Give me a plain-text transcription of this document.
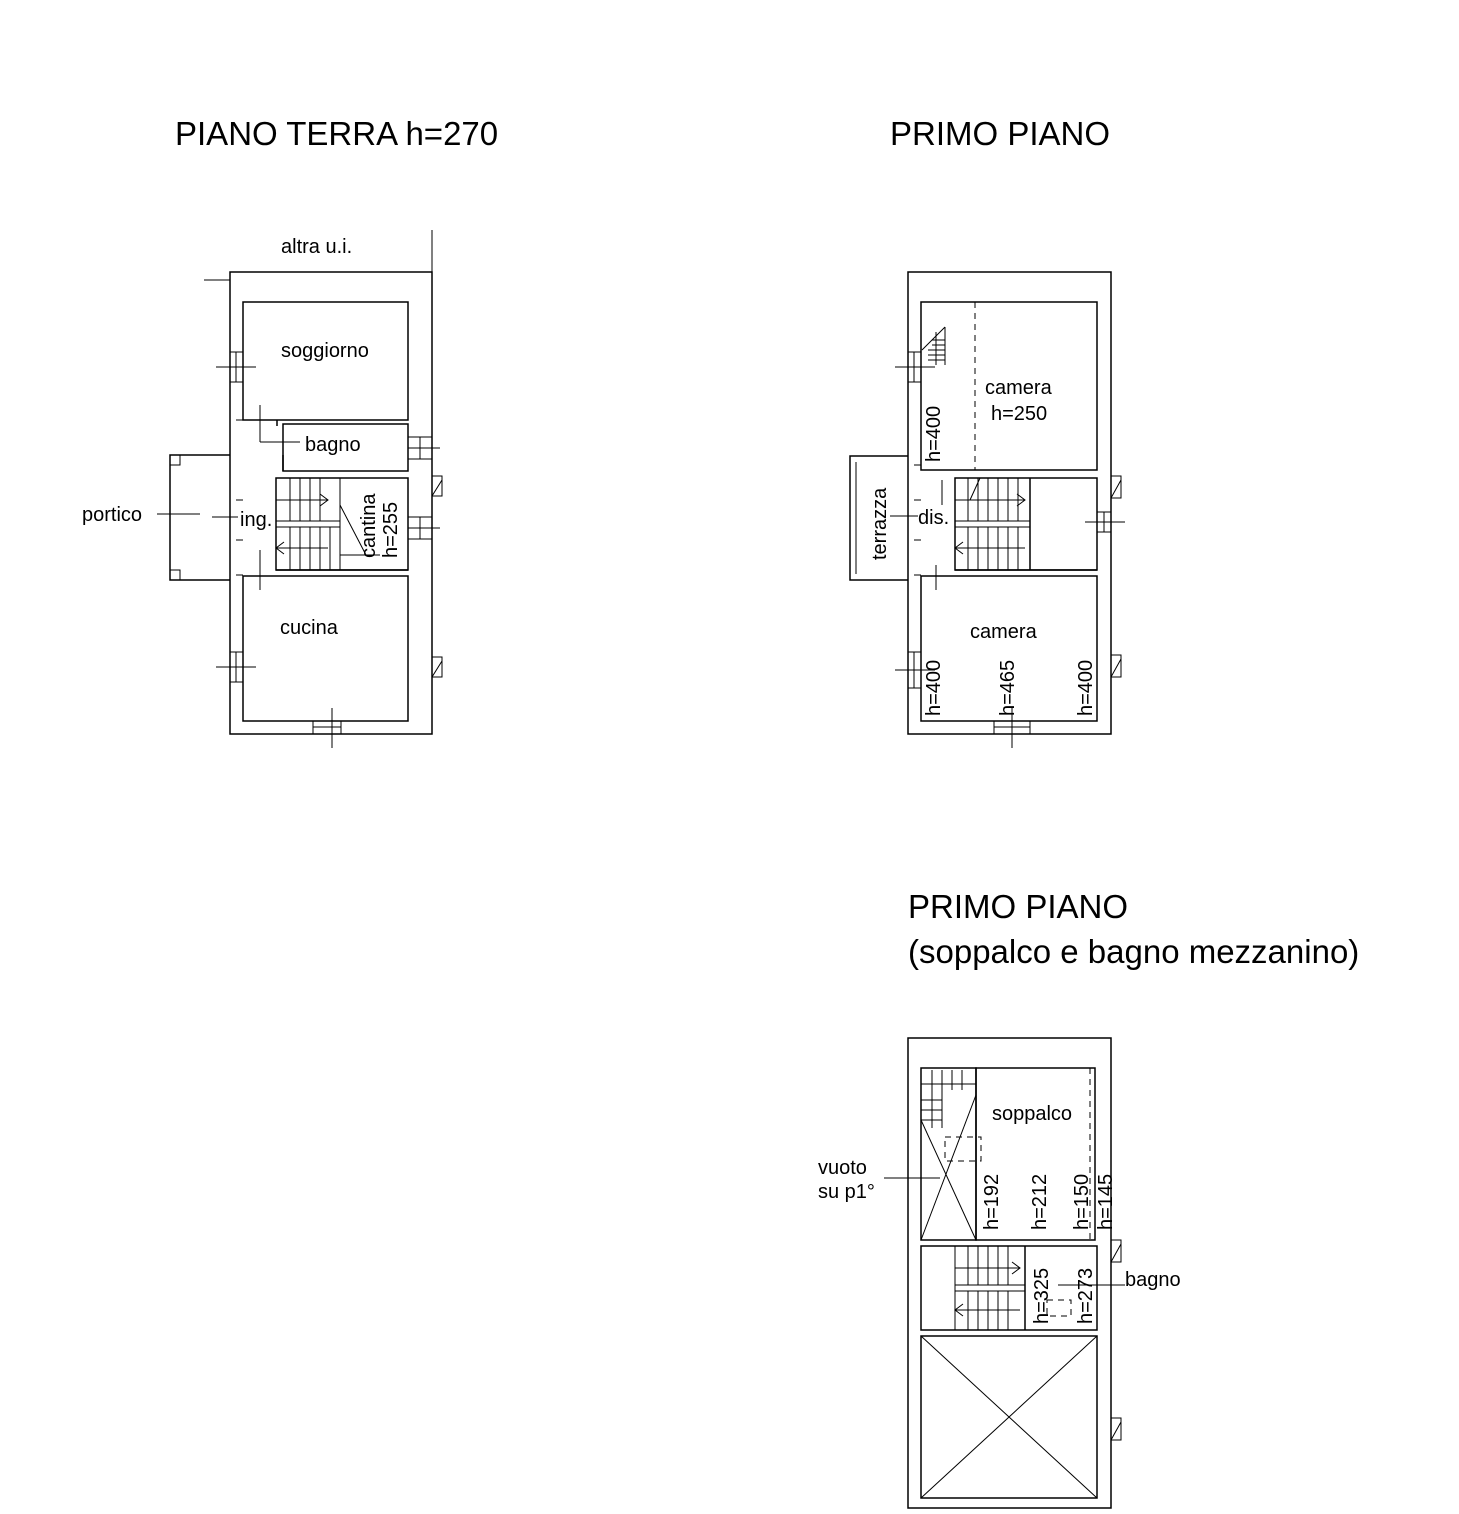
PIANO TERRA h=270	PRIMO PIANO
PRIMO PIANO
(soppalco e bagno mezzanino)
altra u.i.
soggiorno
bagno
portico	ing.	cantina h=255
cucina
camera
h=250
h=400
terrazza dis.
camera
h=400	h=465	h=400
soppalco
vuoto
su p1°	h=192 h=212 h=150 h=145
h=325 h=273 bagno
